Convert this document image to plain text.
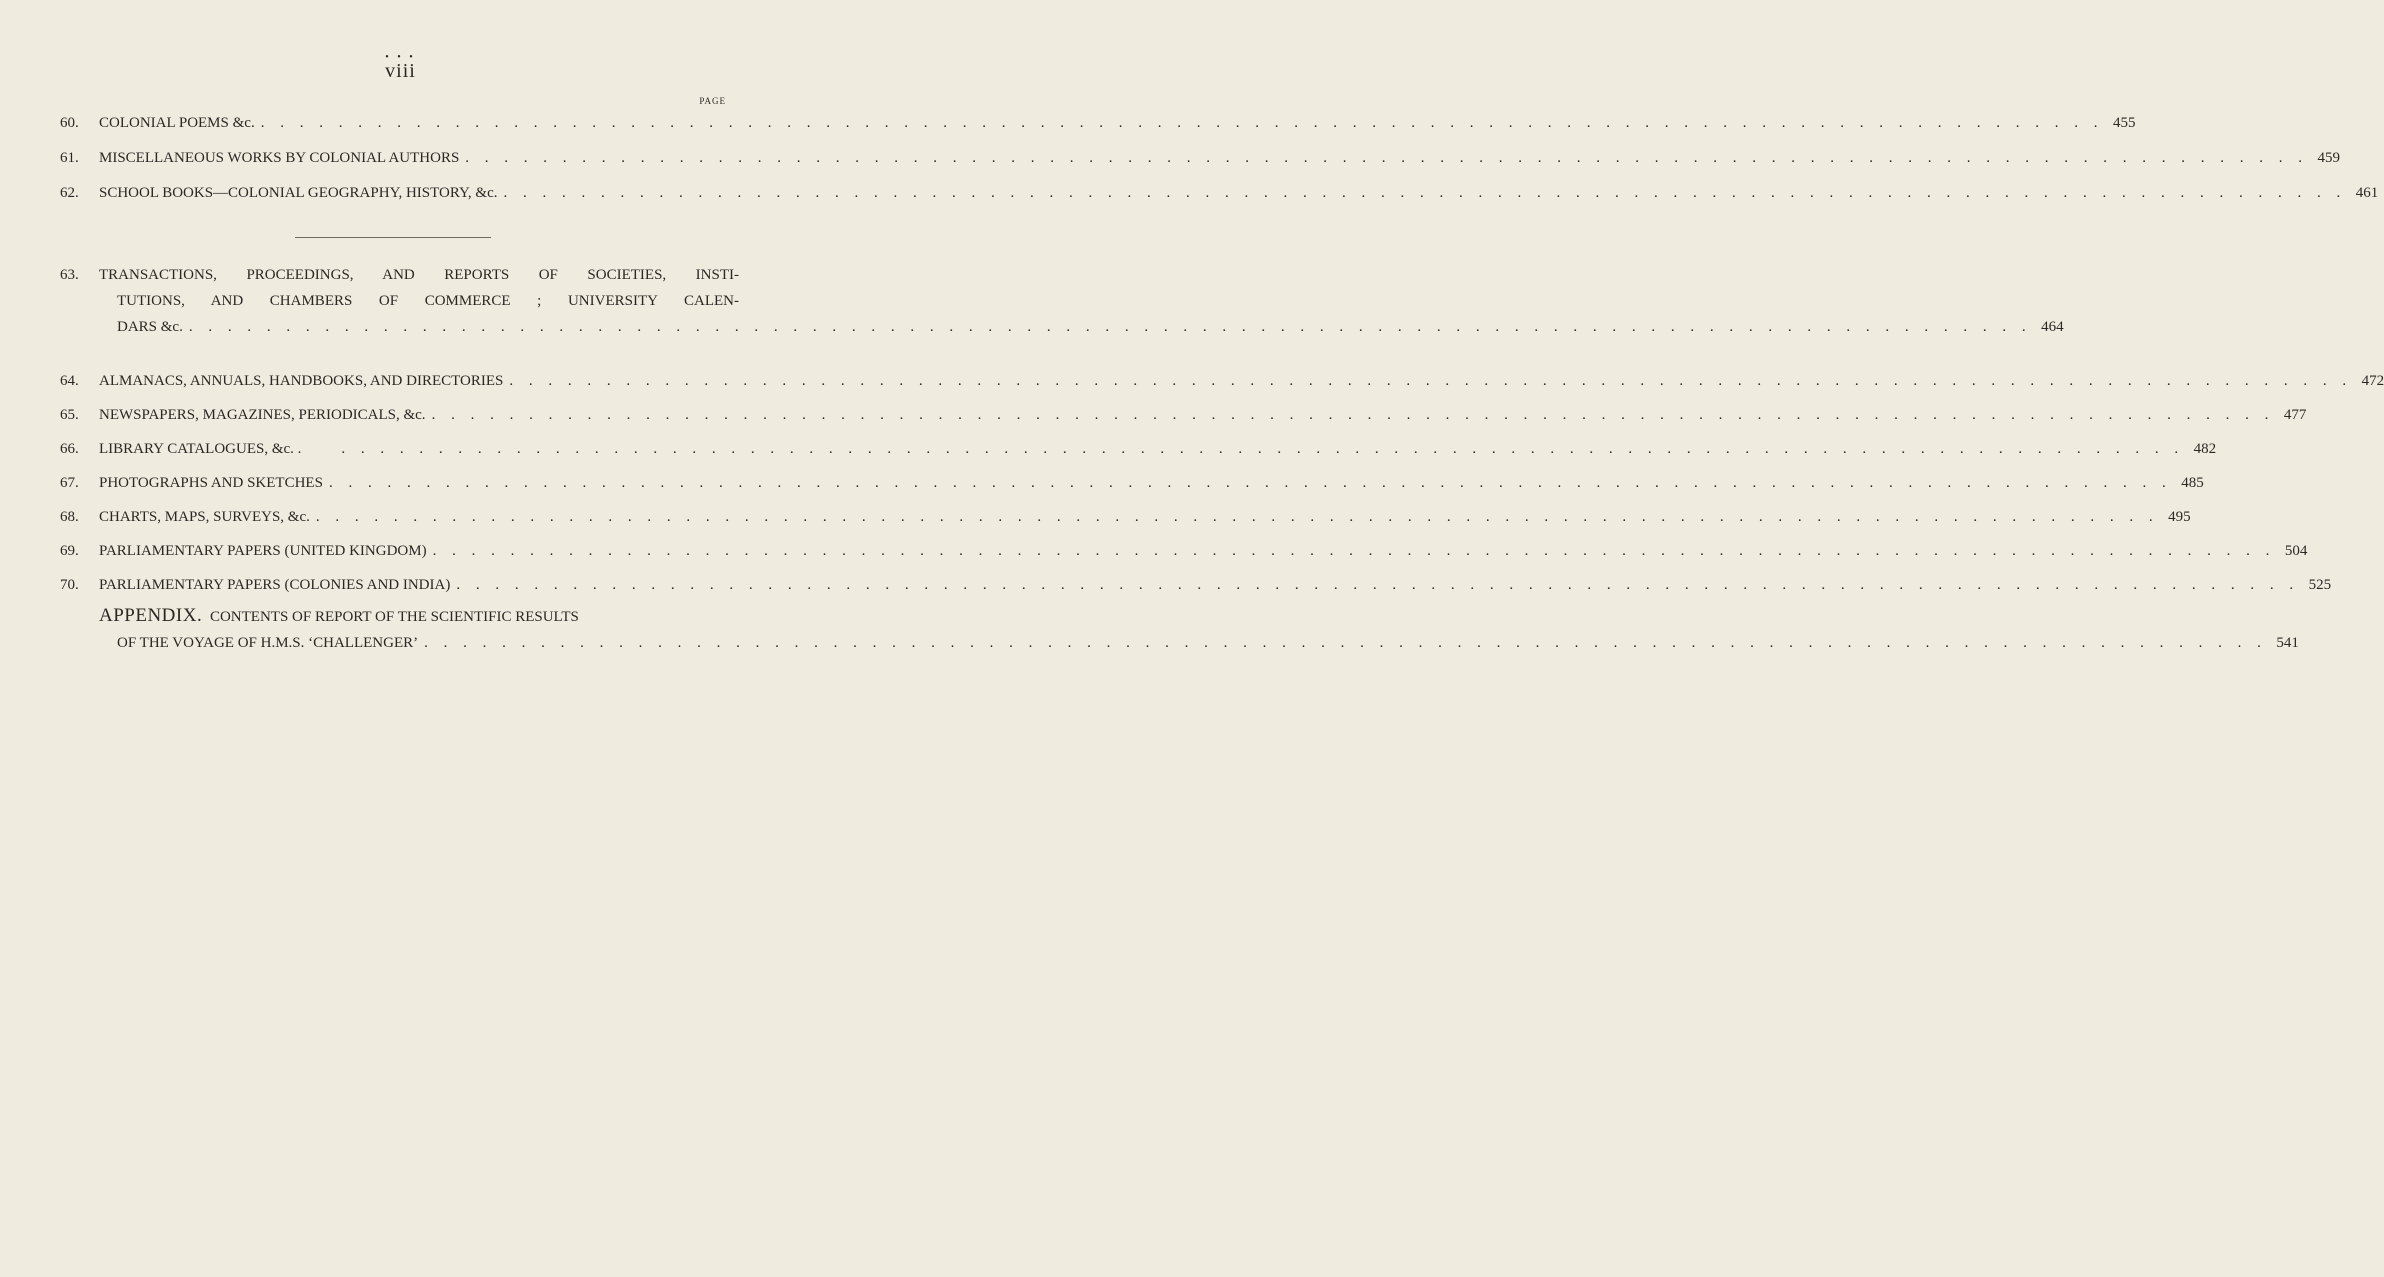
• • •
viii
PAGE
60.	COLONIAL POEMS &c. . . . . . . . . . . . . . . . . . . . . . . . . . . . . . . . . . . . . . . . . . . . . . . . . . . . . . . . . . . . . . . . . . . . . . . . . . . . . . . . . . . . . . . . . . . . . . . . 455
61.	MISCELLANEOUS WORKS BY COLONIAL AUTHORS . . . . . . . . . . . . . . . . . . . . . . . . . . . . . . . . . . . . . . . . . . . . . . . . . . . . . . . . . . . . . . . . . . . . . . . . . . . . . . . . . . . . . . . . . . . . . . . 459
62.	SCHOOL BOOKS—COLONIAL GEOGRAPHY, HISTORY, &c. . . . . . . . . . . . . . . . . . . . . . . . . . . . . . . . . . . . . . . . . . . . . . . . . . . . . . . . . . . . . . . . . . . . . . . . . . . . . . . . . . . . . . . . . . . . . . . . 461
63.	TRANSACTIONS, PROCEEDINGS, AND REPORTS OF SOCIETIES, INSTI-
TUTIONS, AND CHAMBERS OF COMMERCE ; UNIVERSITY CALEN-
DARS &c. . . . . . . . . . . . . . . . . . . . . . . . . . . . . . . . . . . . . . . . . . . . . . . . . . . . . . . . . . . . . . . . . . . . . . . . . . . . . . . . . . . . . . . . . . . . . . . . 464
64.	ALMANACS, ANNUALS, HANDBOOKS, AND DIRECTORIES . . . . . . . . . . . . . . . . . . . . . . . . . . . . . . . . . . . . . . . . . . . . . . . . . . . . . . . . . . . . . . . . . . . . . . . . . . . . . . . . . . . . . . . . . . . . . . . 472
65.	NEWSPAPERS, MAGAZINES, PERIODICALS, &c. . . . . . . . . . . . . . . . . . . . . . . . . . . . . . . . . . . . . . . . . . . . . . . . . . . . . . . . . . . . . . . . . . . . . . . . . . . . . . . . . . . . . . . . . . . . . . . . 477
66.	LIBRARY CATALOGUES, &c. .	. . . . . . . . . . . . . . . . . . . . . . . . . . . . . . . . . . . . . . . . . . . . . . . . . . . . . . . . . . . . . . . . . . . . . . . . . . . . . . . . . . . . . . . . . . . . . . . 482
67.	PHOTOGRAPHS AND SKETCHES . . . . . . . . . . . . . . . . . . . . . . . . . . . . . . . . . . . . . . . . . . . . . . . . . . . . . . . . . . . . . . . . . . . . . . . . . . . . . . . . . . . . . . . . . . . . . . . 485
68.	CHARTS, MAPS, SURVEYS, &c. . . . . . . . . . . . . . . . . . . . . . . . . . . . . . . . . . . . . . . . . . . . . . . . . . . . . . . . . . . . . . . . . . . . . . . . . . . . . . . . . . . . . . . . . . . . . . . . 495
69.	PARLIAMENTARY PAPERS (UNITED KINGDOM) . . . . . . . . . . . . . . . . . . . . . . . . . . . . . . . . . . . . . . . . . . . . . . . . . . . . . . . . . . . . . . . . . . . . . . . . . . . . . . . . . . . . . . . . . . . . . . . 504
70.	PARLIAMENTARY PAPERS (COLONIES AND INDIA) . . . . . . . . . . . . . . . . . . . . . . . . . . . . . . . . . . . . . . . . . . . . . . . . . . . . . . . . . . . . . . . . . . . . . . . . . . . . . . . . . . . . . . . . . . . . . . . 525
APPENDIX. CONTENTS OF REPORT OF THE SCIENTIFIC RESULTS
OF THE VOYAGE OF H.M.S. ‘CHALLENGER’ . . . . . . . . . . . . . . . . . . . . . . . . . . . . . . . . . . . . . . . . . . . . . . . . . . . . . . . . . . . . . . . . . . . . . . . . . . . . . . . . . . . . . . . . . . . . . . . 541
